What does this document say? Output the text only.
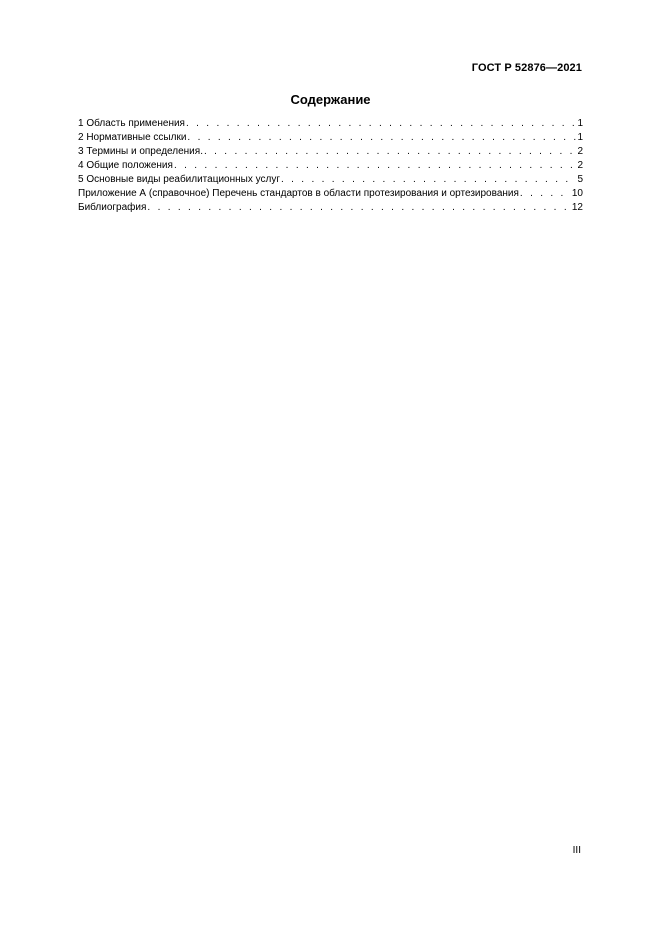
ГОСТ Р 52876—2021
Содержание
1 Область применения . . .	1
2 Нормативные ссылки . . .	1
3 Термины и определения. . . .	2
4 Общие положения . . .	2
5 Основные виды реабилитационных услуг . . .	5
Приложение А (справочное) Перечень стандартов в области протезирования и ортезирования . . .	10
Библиография . . .	12
III
